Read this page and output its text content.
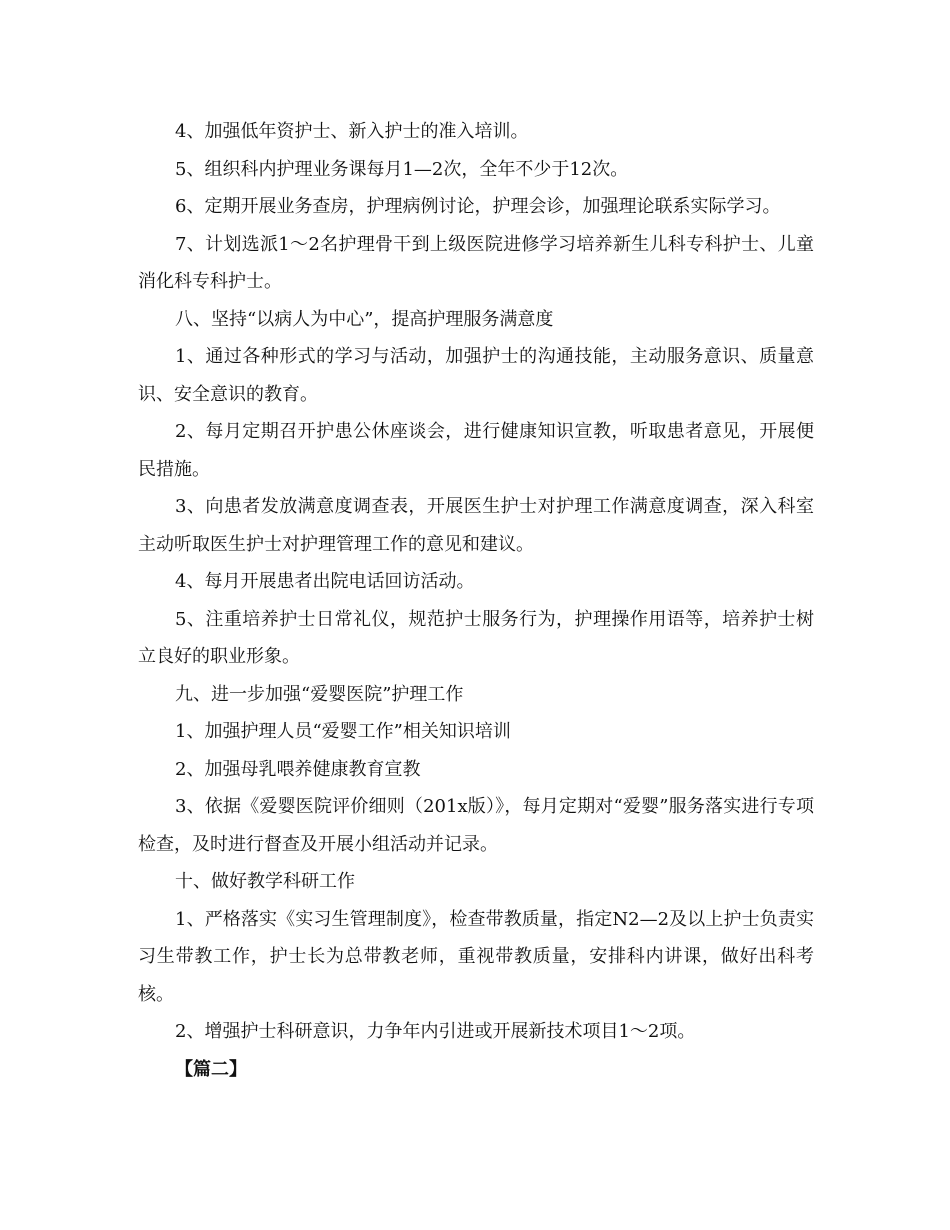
4、加强低年资护士、新入护士的准入培训。

5、组织科内护理业务课每月1—2次，全年不少于12次。

6、定期开展业务查房，护理病例讨论，护理会诊，加强理论联系实际学习。

7、计划选派1～2名护理骨干到上级医院进修学习培养新生儿科专科护士、儿童消化科专科护士。

八、坚持“以病人为中心”，提高护理服务满意度

1、通过各种形式的学习与活动，加强护士的沟通技能，主动服务意识、质量意识、安全意识的教育。

2、每月定期召开护患公休座谈会，进行健康知识宣教，听取患者意见，开展便民措施。

3、向患者发放满意度调查表，开展医生护士对护理工作满意度调查，深入科室主动听取医生护士对护理管理工作的意见和建议。

4、每月开展患者出院电话回访活动。

5、注重培养护士日常礼仪，规范护士服务行为，护理操作用语等，培养护士树立良好的职业形象。

九、进一步加强“爱婴医院”护理工作

1、加强护理人员“爱婴工作”相关知识培训

2、加强母乳喂养健康教育宣教

3、依据《爱婴医院评价细则（201x版）》，每月定期对“爱婴”服务落实进行专项检查，及时进行督查及开展小组活动并记录。

十、做好教学科研工作

1、严格落实《实习生管理制度》，检查带教质量，指定N2—2及以上护士负责实习生带教工作，护士长为总带教老师，重视带教质量，安排科内讲课，做好出科考核。

2、增强护士科研意识，力争年内引进或开展新技术项目1～2项。

【篇二】
